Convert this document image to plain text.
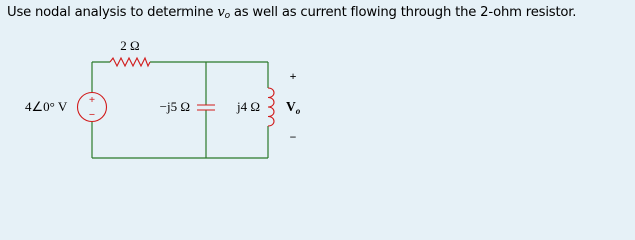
Use nodal analysis to determine $v_o$ as well as current flowing through the 2-ohm resistor.

2 Ω
+
−
4∠0° V	−j5 Ω	j4 Ω
+
$V_o$
−
